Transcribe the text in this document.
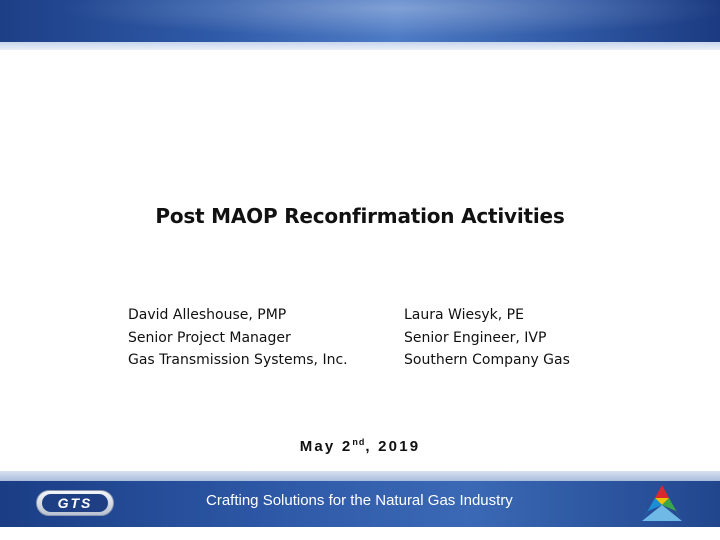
Post MAOP Reconfirmation Activities
David Alleshouse, PMP
Senior Project Manager
Gas Transmission Systems, Inc.
Laura Wiesyk, PE
Senior Engineer, IVP
Southern Company Gas
May 2nd, 2019
GTS	Crafting Solutions for the Natural Gas Industry
